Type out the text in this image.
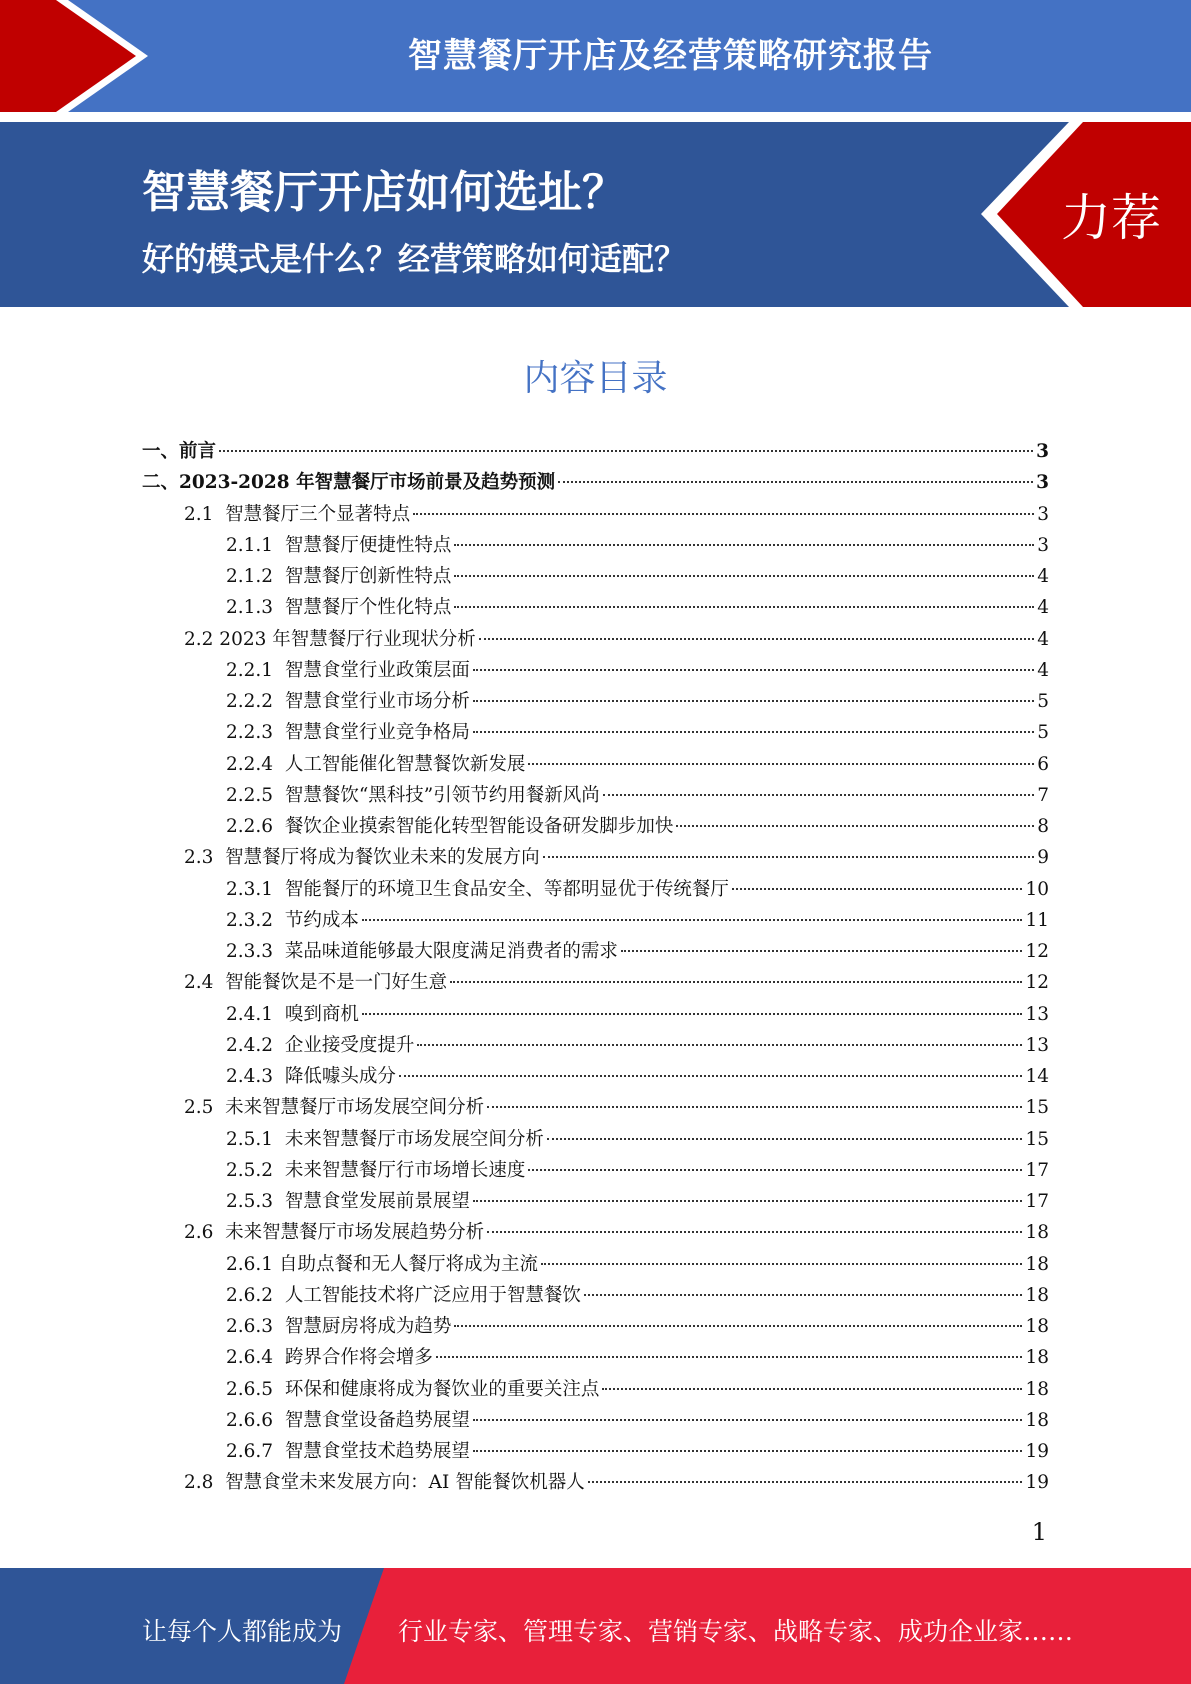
智慧餐厅开店及经营策略研究报告
智慧餐厅开店如何选址？
好的模式是什么？经营策略如何适配？
力荐
内容目录
一、前言	3
二、2023-2028 年智慧餐厅市场前景及趋势预测	3
2.1  智慧餐厅三个显著特点	3
2.1.1  智慧餐厅便捷性特点	3
2.1.2  智慧餐厅创新性特点	4
2.1.3  智慧餐厅个性化特点	4
2.2 2023 年智慧餐厅行业现状分析	4
2.2.1  智慧食堂行业政策层面	4
2.2.2  智慧食堂行业市场分析	5
2.2.3  智慧食堂行业竞争格局	5
2.2.4  人工智能催化智慧餐饮新发展	6
2.2.5  智慧餐饮“黑科技”引领节约用餐新风尚	7
2.2.6  餐饮企业摸索智能化转型智能设备研发脚步加快	8
2.3  智慧餐厅将成为餐饮业未来的发展方向	9
2.3.1  智能餐厅的环境卫生食品安全、等都明显优于传统餐厅	10
2.3.2  节约成本	11
2.3.3  菜品味道能够最大限度满足消费者的需求	12
2.4  智能餐饮是不是一门好生意	12
2.4.1  嗅到商机	13
2.4.2  企业接受度提升	13
2.4.3  降低噱头成分	14
2.5  未来智慧餐厅市场发展空间分析	15
2.5.1  未来智慧餐厅市场发展空间分析	15
2.5.2  未来智慧餐厅行市场增长速度	17
2.5.3  智慧食堂发展前景展望	17
2.6  未来智慧餐厅市场发展趋势分析	18
2.6.1 自助点餐和无人餐厅将成为主流	18
2.6.2  人工智能技术将广泛应用于智慧餐饮	18
2.6.3  智慧厨房将成为趋势	18
2.6.4  跨界合作将会增多	18
2.6.5  环保和健康将成为餐饮业的重要关注点	18
2.6.6  智慧食堂设备趋势展望	18
2.6.7  智慧食堂技术趋势展望	19
2.8  智慧食堂未来发展方向：AI 智能餐饮机器人	19
1
让每个人都能成为 行业专家、管理专家、营销专家、战略专家、成功企业家……
